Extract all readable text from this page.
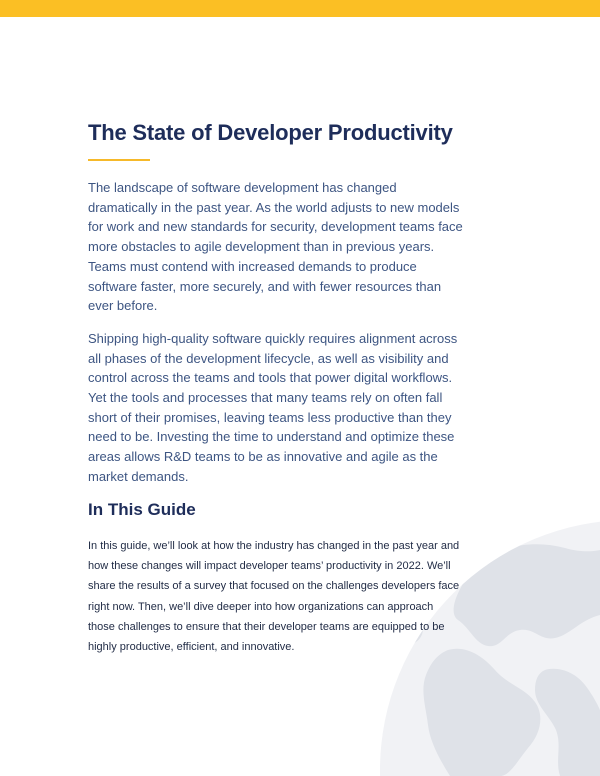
The State of Developer Productivity

The landscape of software development has changed dramatically in the past year. As the world adjusts to new models for work and new standards for security, development teams face more obstacles to agile development than in previous years. Teams must contend with increased demands to produce software faster, more securely, and with fewer resources than ever before.

Shipping high-quality software quickly requires alignment across all phases of the development lifecycle, as well as visibility and control across the teams and tools that power digital workflows. Yet the tools and processes that many teams rely on often fall short of their promises, leaving teams less productive than they need to be. Investing the time to understand and optimize these areas allows R&D teams to be as innovative and agile as the market demands.

In This Guide

In this guide, we’ll look at how the industry has changed in the past year and how these changes will impact developer teams’ productivity in 2022. We’ll share the results of a survey that focused on the challenges developers face right now. Then, we’ll dive deeper into how organizations can approach those challenges to ensure that their developer teams are equipped to be highly productive, efficient, and innovative.
